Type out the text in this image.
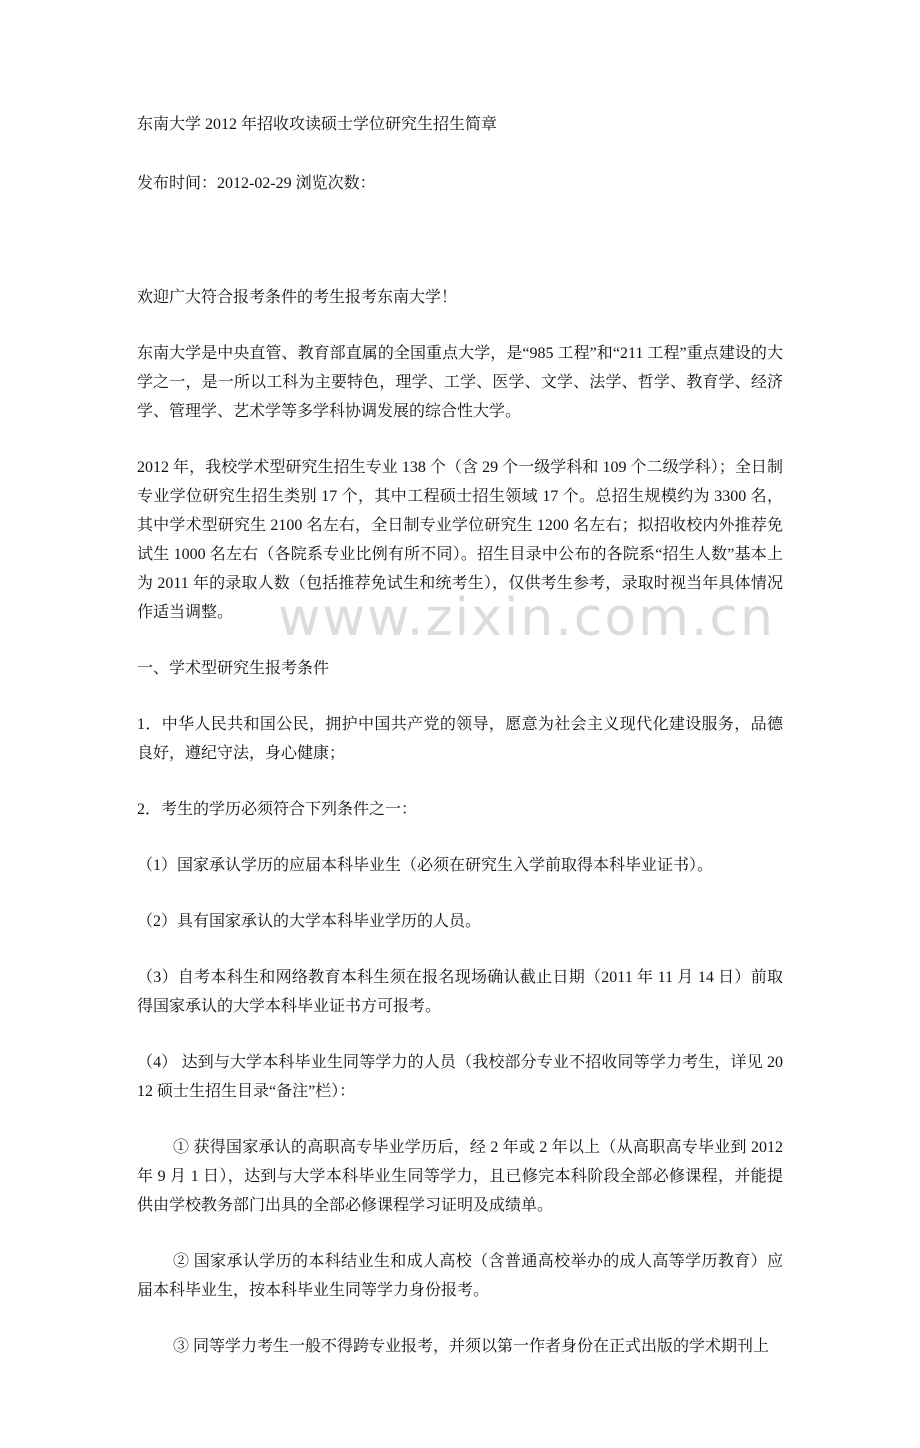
www.zixin.com.cn

东南大学 2012 年招收攻读硕士学位研究生招生简章

发布时间：2012-02-29 浏览次数：

欢迎广大符合报考条件的考生报考东南大学！

东南大学是中央直管、教育部直属的全国重点大学，是“985 工程”和“211 工程”重点建设的大学之一，是一所以工科为主要特色，理学、工学、医学、文学、法学、哲学、教育学、经济学、管理学、艺术学等多学科协调发展的综合性大学。

2012 年，我校学术型研究生招生专业 138 个（含 29 个一级学科和 109 个二级学科）；全日制专业学位研究生招生类别 17 个，其中工程硕士招生领域 17 个。总招生规模约为 3300 名，其中学术型研究生 2100 名左右，全日制专业学位研究生 1200 名左右；拟招收校内外推荐免试生 1000 名左右（各院系专业比例有所不同）。招生目录中公布的各院系“招生人数”基本上为 2011 年的录取人数（包括推荐免试生和统考生），仅供考生参考，录取时视当年具体情况作适当调整。

一、学术型研究生报考条件

1．中华人民共和国公民，拥护中国共产党的领导，愿意为社会主义现代化建设服务，品德良好，遵纪守法，身心健康；

2．考生的学历必须符合下列条件之一：

（1）国家承认学历的应届本科毕业生（必须在研究生入学前取得本科毕业证书）。

（2）具有国家承认的大学本科毕业学历的人员。

（3）自考本科生和网络教育本科生须在报名现场确认截止日期（2011 年 11 月 14 日）前取得国家承认的大学本科毕业证书方可报考。

（4） 达到与大学本科毕业生同等学力的人员（我校部分专业不招收同等学力考生，详见 2012 硕士生招生目录“备注”栏）：

① 获得国家承认的高职高专毕业学历后，经 2 年或 2 年以上（从高职高专毕业到 2012 年 9 月 1 日），达到与大学本科毕业生同等学力，且已修完本科阶段全部必修课程，并能提供由学校教务部门出具的全部必修课程学习证明及成绩单。

② 国家承认学历的本科结业生和成人高校（含普通高校举办的成人高等学历教育）应届本科毕业生，按本科毕业生同等学力身份报考。

③ 同等学力考生一般不得跨专业报考，并须以第一作者身份在正式出版的学术期刊上
